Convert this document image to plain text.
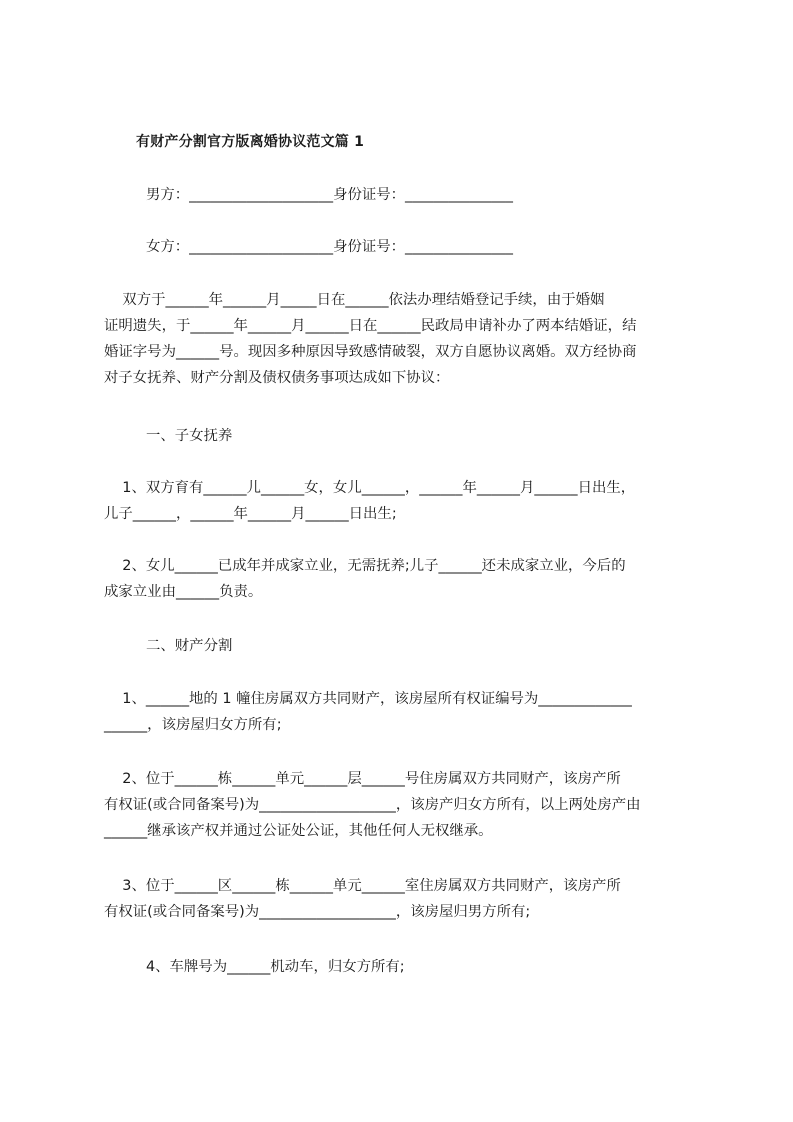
有财产分割官方版离婚协议范文篇 1
男方：____________________身份证号：_______________
女方：____________________身份证号：_______________
双方于______年______月_____日在______依法办理结婚登记手续，由于婚姻
证明遗失，于______年______月______日在______民政局申请补办了两本结婚证，结
婚证字号为______号。现因多种原因导致感情破裂，双方自愿协议离婚。双方经协商
对子女抚养、财产分割及债权债务事项达成如下协议：
一、子女抚养
1、双方育有______儿______女，女儿______，______年______月______日出生，
儿子______，______年______月______日出生;
2、女儿______已成年并成家立业，无需抚养;儿子______还未成家立业，今后的
成家立业由______负责。
二、财产分割
1、______地的 1 幢住房属双方共同财产，该房屋所有权证编号为_____________
______，该房屋归女方所有;
2、位于______栋______单元______层______号住房属双方共同财产，该房产所
有权证(或合同备案号)为___________________，该房产归女方所有，以上两处房产由
______继承该产权并通过公证处公证，其他任何人无权继承。
3、位于______区______栋______单元______室住房属双方共同财产，该房产所
有权证(或合同备案号)为___________________，该房屋归男方所有;
4、车牌号为______机动车，归女方所有;
